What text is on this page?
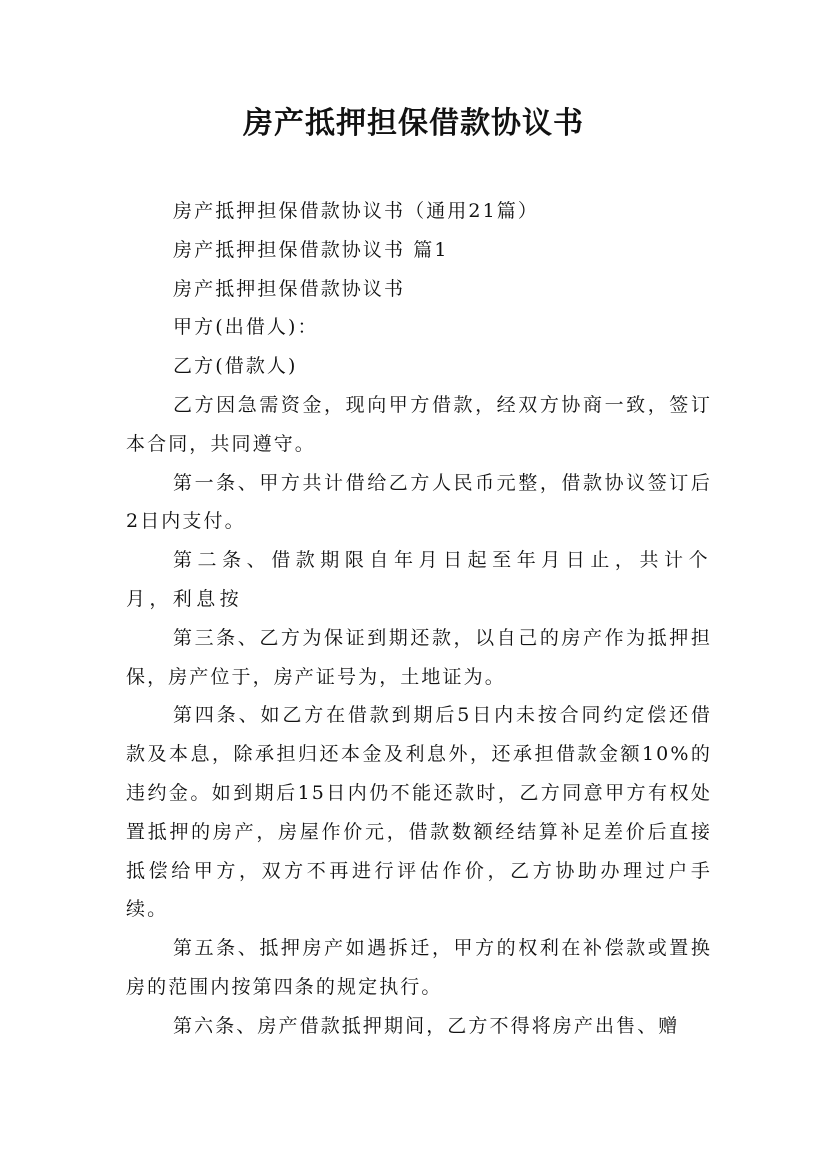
房产抵押担保借款协议书

房产抵押担保借款协议书（通用21篇）

房产抵押担保借款协议书 篇1

房产抵押担保借款协议书

甲方(出借人)：

乙方(借款人)

乙方因急需资金，现向甲方借款，经双方协商一致，签订本合同，共同遵守。

第一条、甲方共计借给乙方人民币元整，借款协议签订后2日内支付。

第二条、借款期限自年月日起至年月日止，共计个月，利息按

第三条、乙方为保证到期还款，以自己的房产作为抵押担保，房产位于，房产证号为，土地证为。

第四条、如乙方在借款到期后5日内未按合同约定偿还借款及本息，除承担归还本金及利息外，还承担借款金额10%的违约金。如到期后15日内仍不能还款时，乙方同意甲方有权处置抵押的房产，房屋作价元，借款数额经结算补足差价后直接抵偿给甲方，双方不再进行评估作价，乙方协助办理过户手续。

第五条、抵押房产如遇拆迁，甲方的权利在补偿款或置换房的范围内按第四条的规定执行。

第六条、房产借款抵押期间，乙方不得将房产出售、赠
